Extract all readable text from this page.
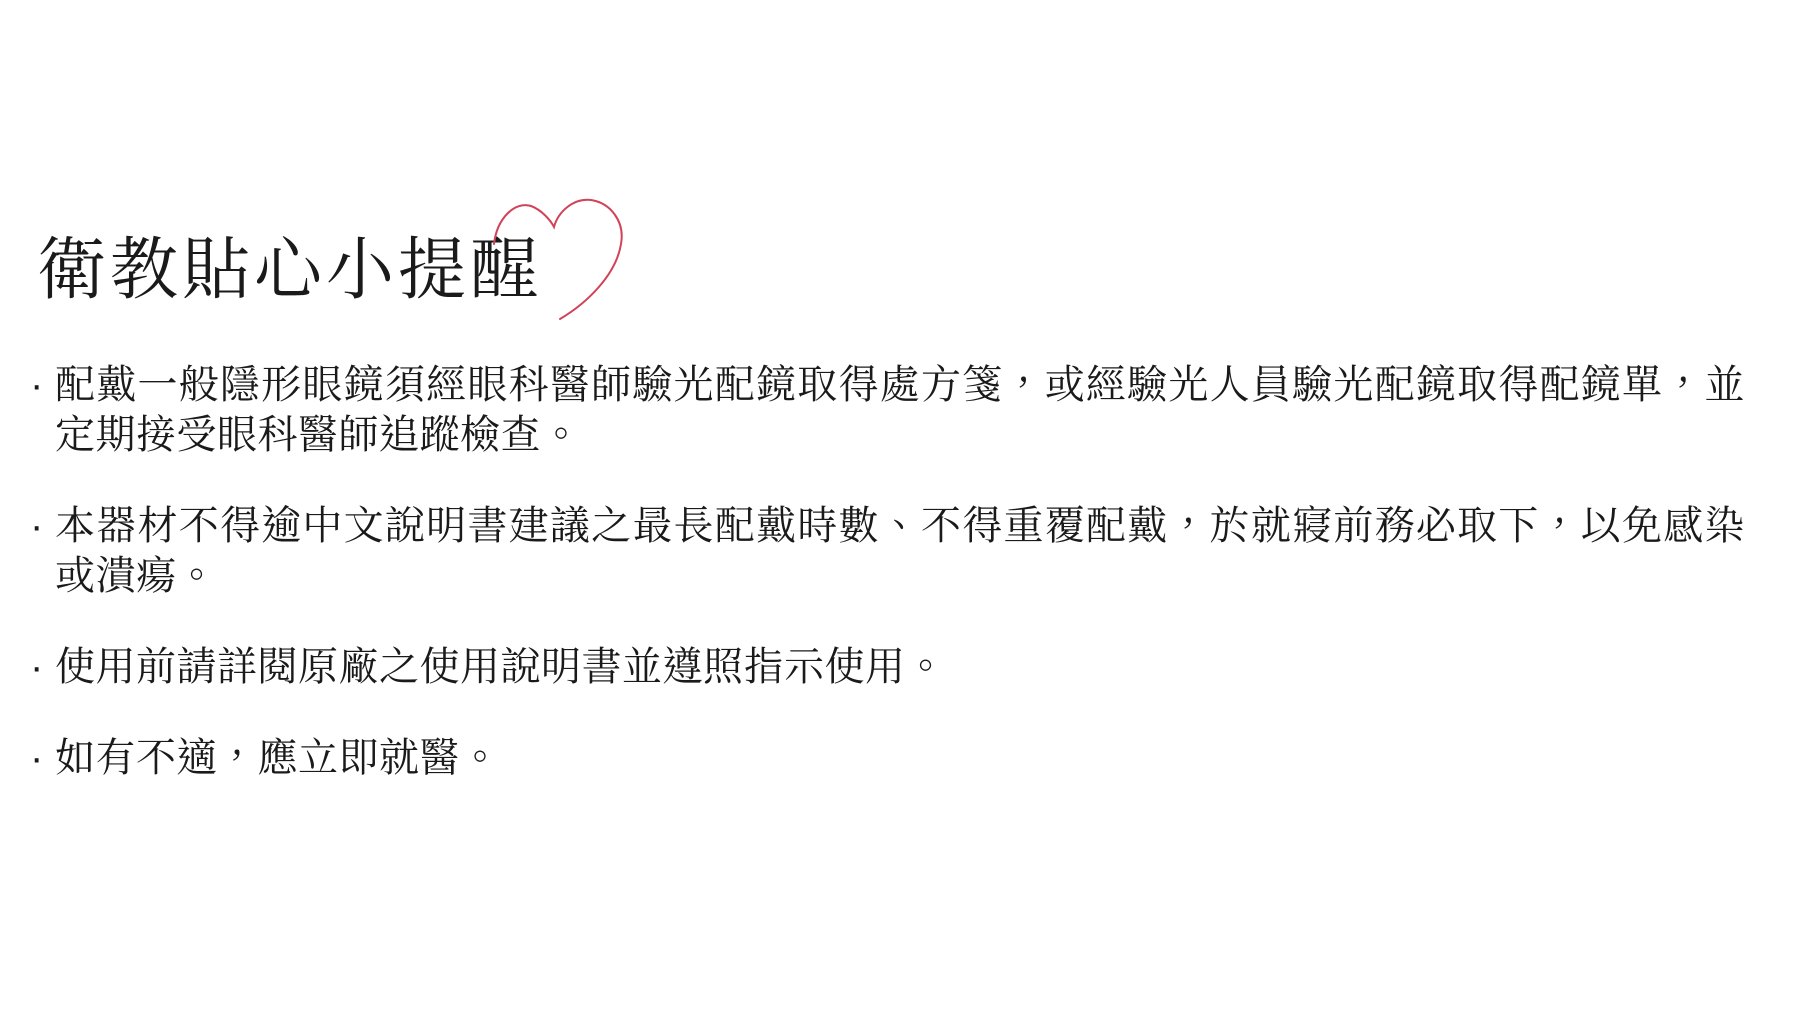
衛教貼心小提醒
· 配戴一般隱形眼鏡須經眼科醫師驗光配鏡取得處方箋，或經驗光人員驗光配鏡取得配鏡單，並定期接受眼科醫師追蹤檢查。
· 本器材不得逾中文說明書建議之最長配戴時數、不得重覆配戴，於就寢前務必取下，以免感染或潰瘍。
· 使用前請詳閱原廠之使用說明書並遵照指示使用。
· 如有不適，應立即就醫。
